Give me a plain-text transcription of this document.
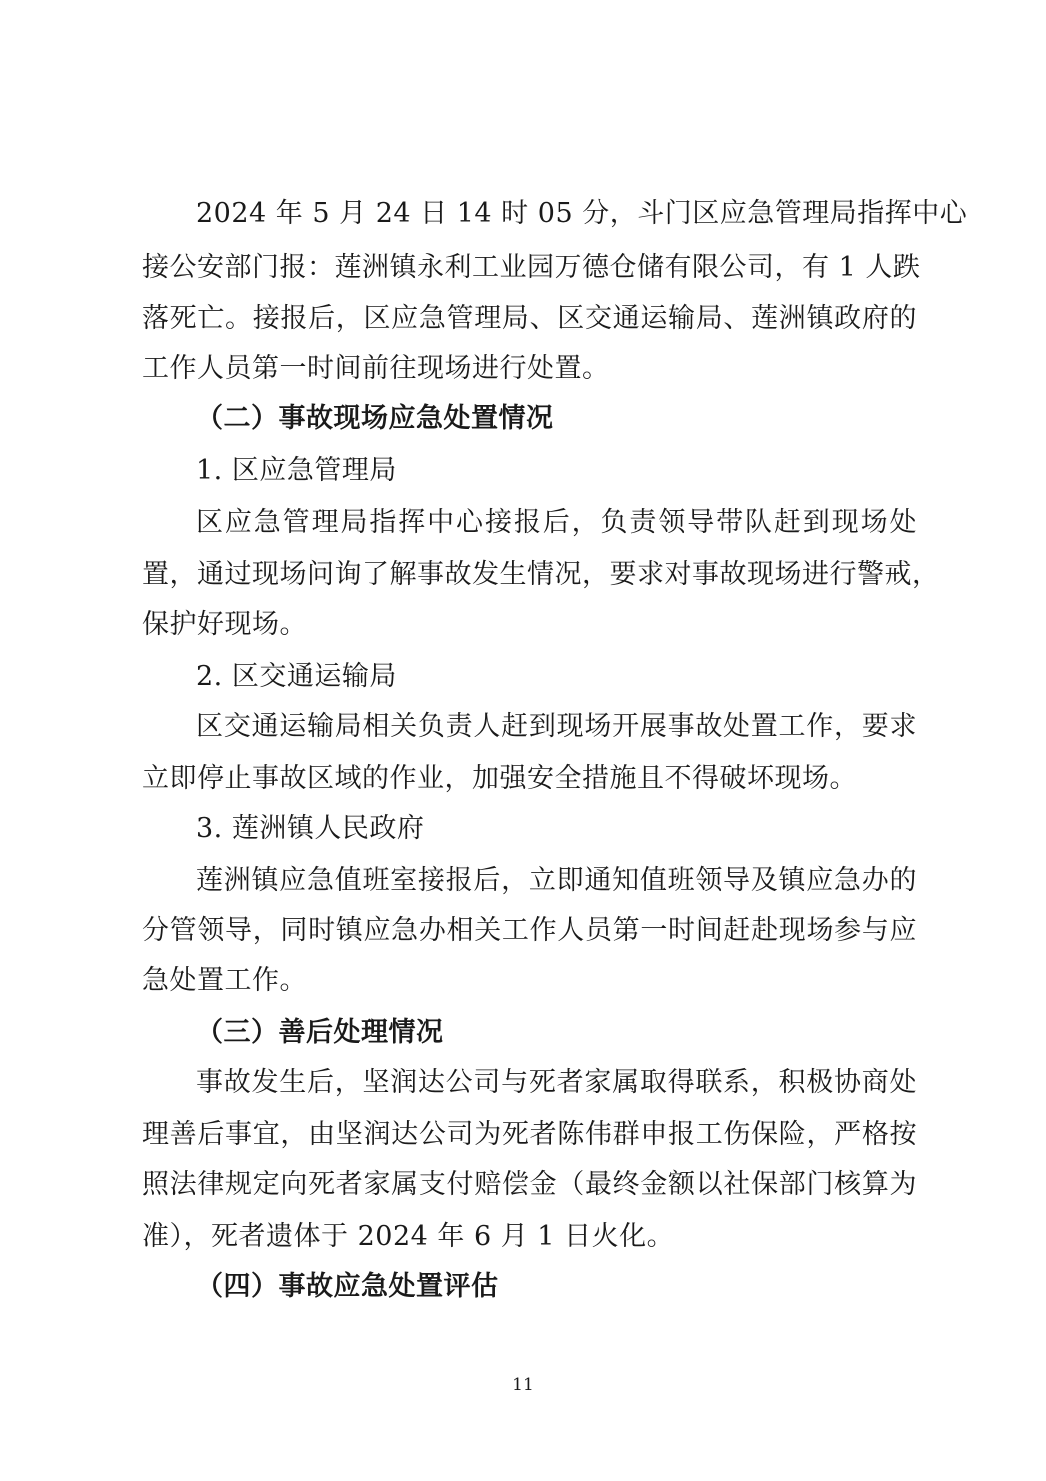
2024 年 5 月 24 日 14 时 05 分，斗门区应急管理局指挥中心
接公安部门报：莲洲镇永利工业园万德仓储有限公司，有 1 人跌
落死亡。接报后，区应急管理局、区交通运输局、莲洲镇政府的
工作人员第一时间前往现场进行处置。
（二）事故现场应急处置情况
1. 区应急管理局
区应急管理局指挥中心接报后，负责领导带队赶到现场处
置，通过现场问询了解事故发生情况，要求对事故现场进行警戒，
保护好现场。
2. 区交通运输局
区交通运输局相关负责人赶到现场开展事故处置工作，要求
立即停止事故区域的作业，加强安全措施且不得破坏现场。
3. 莲洲镇人民政府
莲洲镇应急值班室接报后，立即通知值班领导及镇应急办的
分管领导，同时镇应急办相关工作人员第一时间赶赴现场参与应
急处置工作。
（三）善后处理情况
事故发生后，坚润达公司与死者家属取得联系，积极协商处
理善后事宜，由坚润达公司为死者陈伟群申报工伤保险，严格按
照法律规定向死者家属支付赔偿金（最终金额以社保部门核算为
准），死者遗体于 2024 年 6 月 1 日火化。
（四）事故应急处置评估
11
